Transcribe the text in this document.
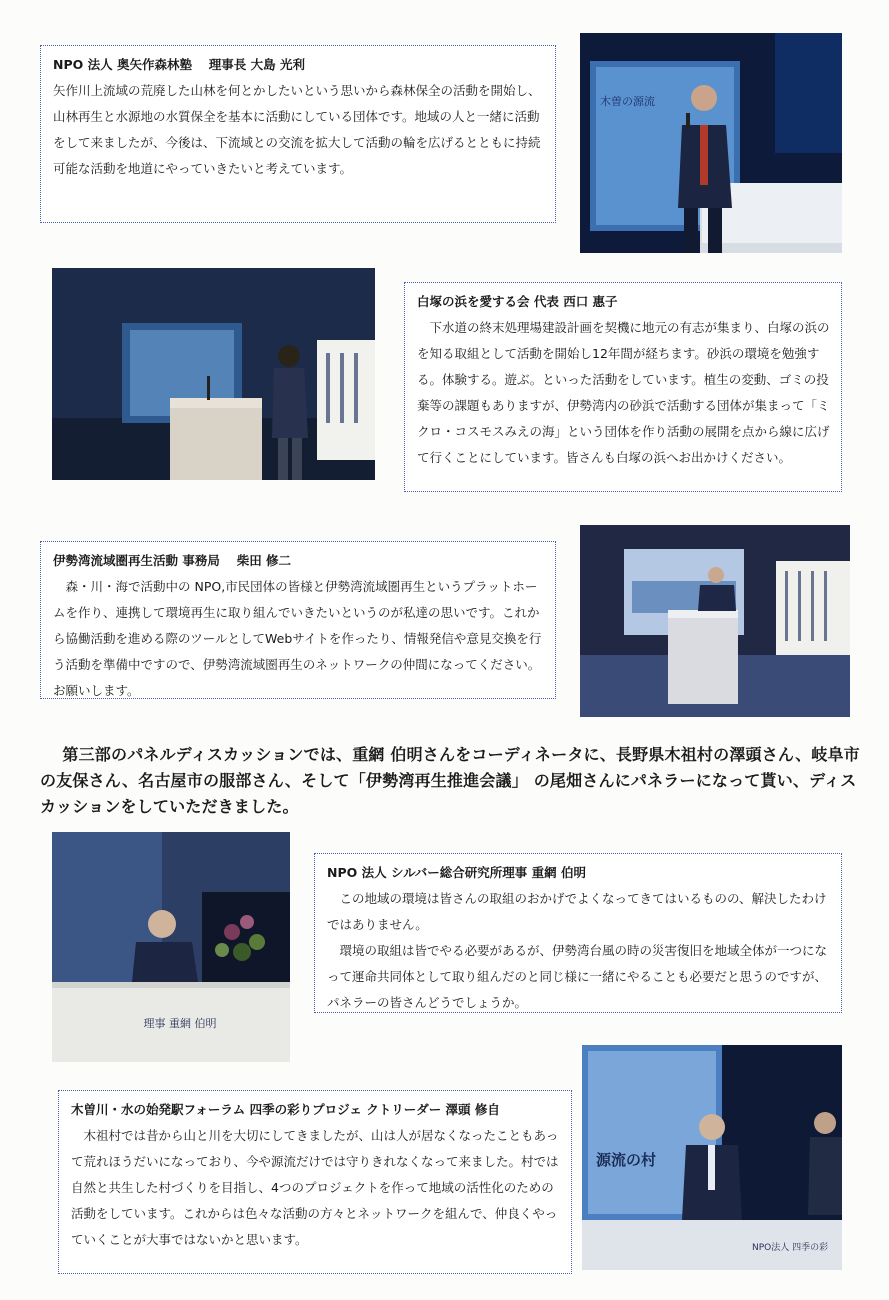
NPO 法人 奥矢作森林塾　 理事長 大島 光利

矢作川上流域の荒廃した山林を何とかしたいという思いから森林保全の活動を開始し、山林再生と水源地の水質保全を基本に活動にしている団体です。地域の人と一緒に活動をして来ましたが、今後は、下流域との交流を拡大して活動の輪を広げるとともに持続可能な活動を地道にやっていきたいと考えています。

木曽の源流
白塚の浜を愛する会 代表 西口 惠子

下水道の終末処理場建設計画を契機に地元の有志が集まり、白塚の浜のを知る取組として活動を開始し12年間が経ちます。砂浜の環境を勉強する。体験する。遊ぶ。といった活動をしています。植生の変動、ゴミの投棄等の課題もありますが、伊勢湾内の砂浜で活動する団体が集まって「ミクロ・コスモスみえの海」という団体を作り活動の展開を点から線に広げて行くことにしています。皆さんも白塚の浜へお出かけください。

伊勢湾流域圏再生活動 事務局　 柴田 修二

森・川・海で活動中の NPO,市民団体の皆様と伊勢湾流域圏再生というプラットホームを作り、連携して環境再生に取り組んでいきたいというのが私達の思いです。これから協働活動を進める際のツールとしてWebサイトを作ったり、情報発信や意見交換を行う活動を準備中ですので、伊勢湾流域圏再生のネットワークの仲間になってください。お願いします。

第三部のパネルディスカッションでは、重網 伯明さんをコーディネータに、長野県木祖村の澤頭さん、岐阜市の友保さん、名古屋市の服部さん、そして「伊勢湾再生推進会議」 の尾畑さんにパネラーになって貰い、ディスカッションをしていただきました。

理事 重網 伯明
NPO 法人 シルバー総合研究所理事 重網 伯明

この地域の環境は皆さんの取組のおかげでよくなってきてはいるものの、解決したわけではありません。

環境の取組は皆でやる必要があるが、伊勢湾台風の時の災害復旧を地域全体が一つになって運命共同体として取り組んだのと同じ様に一緒にやることも必要だと思うのですが、パネラーの皆さんどうでしょうか。

木曽川・水の始発駅フォーラム 四季の彩りプロジェ クトリーダー 澤頭 修自

木祖村では昔から山と川を大切にしてきましたが、山は人が居なくなったこともあって荒れほうだいになっており、今や源流だけでは守りきれなくなって来ました。村では自然と共生した村づくりを目指し、4つのプロジェクトを作って地域の活性化のための活動をしています。これからは色々な活動の方々とネットワークを組んで、仲良くやっていくことが大事ではないかと思います。

源流の村
NPO法人 四季の彩
